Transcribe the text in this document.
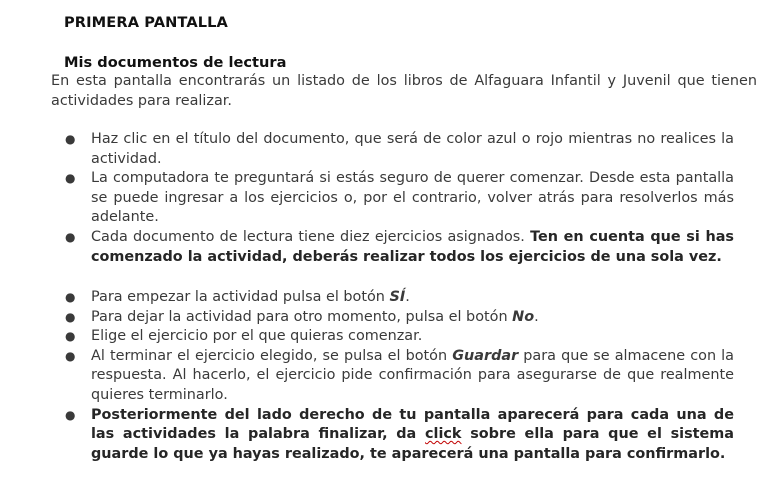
PRIMERA PANTALLA
Mis documentos de lectura

En esta pantalla encontrarás un listado de los libros de Alfaguara Infantil y Juvenil que tienen actividades para realizar.

● Haz clic en el título del documento, que será de color azul o rojo mientras no realices la actividad.
● La computadora te preguntará si estás seguro de querer comenzar. Desde esta pantalla se puede ingresar a los ejercicios o, por el contrario, volver atrás para resolverlos más adelante.
● Cada documento de lectura tiene diez ejercicios asignados. Ten en cuenta que si has comenzado la actividad, deberás realizar todos los ejercicios de una sola vez.
● Para empezar la actividad pulsa el botón SÍ.
● Para dejar la actividad para otro momento, pulsa el botón No.
● Elige el ejercicio por el que quieras comenzar.
● Al terminar el ejercicio elegido, se pulsa el botón Guardar para que se almacene con la respuesta. Al hacerlo, el ejercicio pide confirmación para asegurarse de que realmente quieres terminarlo.
● Posteriormente del lado derecho de tu pantalla aparecerá para cada una de las actividades la palabra finalizar, da click sobre ella para que el sistema guarde lo que ya hayas realizado, te aparecerá una pantalla para confirmarlo.
